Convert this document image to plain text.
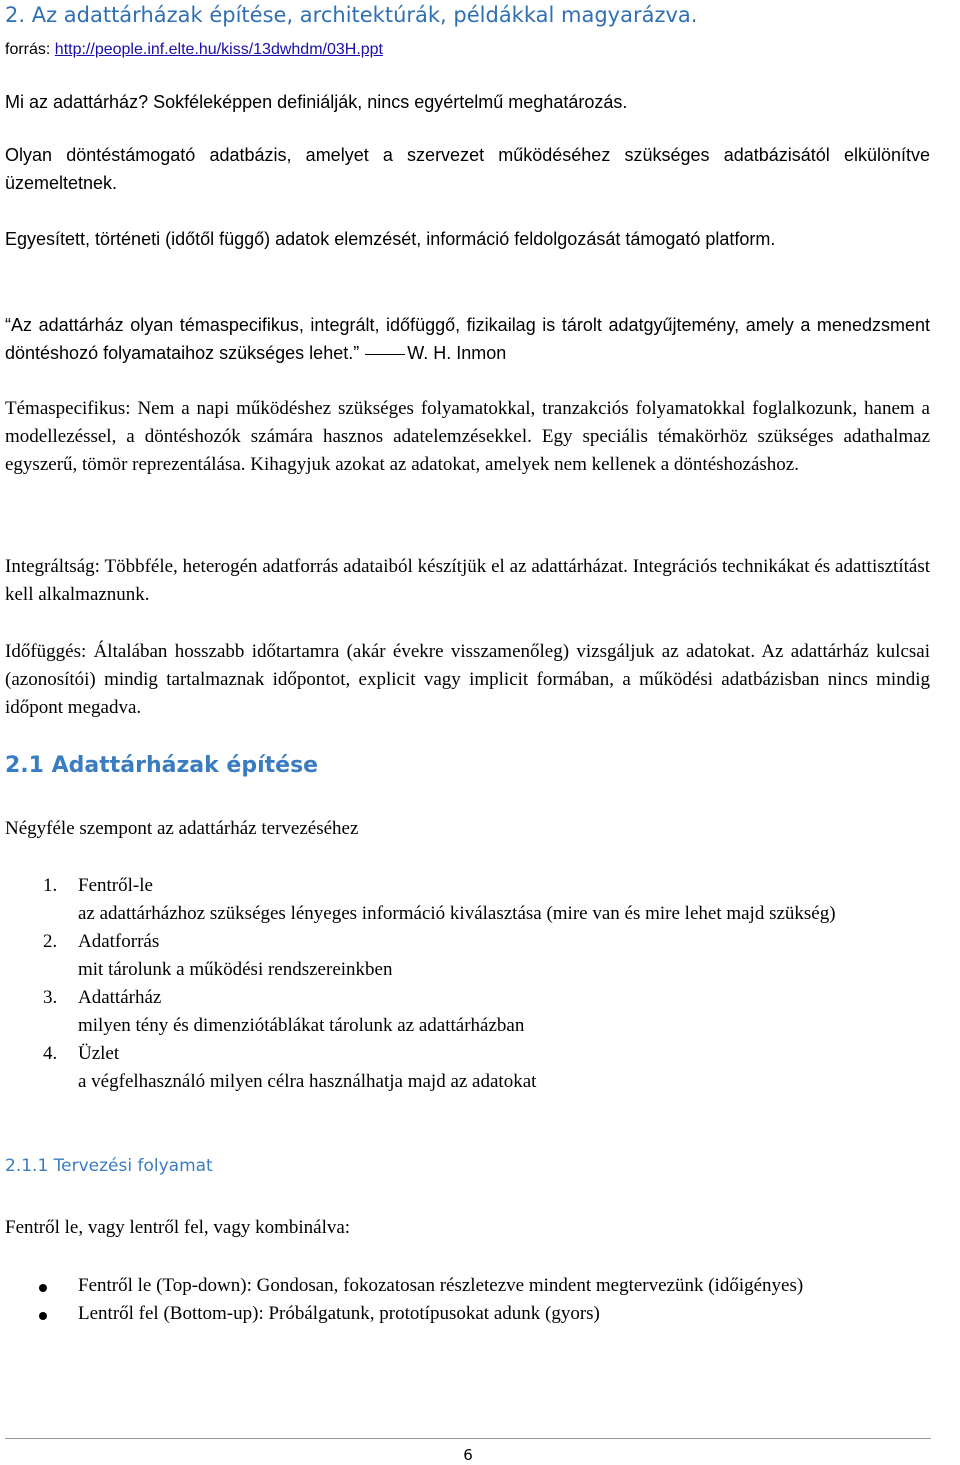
2. Az adattárházak építése, architektúrák, példákkal magyarázva.
forrás: http://people.inf.elte.hu/kiss/13dwhdm/03H.ppt

Mi az adattárház? Sokféleképpen definiálják, nincs egyértelmű meghatározás.

Olyan döntéstámogató adatbázis, amelyet a szervezet működéséhez szükséges adatbázisától elkülönítve üzemeltetnek.

Egyesített, történeti (időtől függő) adatok elemzését, információ feldolgozását támogató platform.

“Az adattárház olyan témaspecifikus, integrált, időfüggő, fizikailag is tárolt adatgyűjtemény, amely a menedzsment döntéshozó folyamataihoz szükséges lehet.”	W. H. Inmon

Témaspecifikus: Nem a napi működéshez szükséges folyamatokkal, tranzakciós folyamatokkal foglalkozunk, hanem a modellezéssel, a döntéshozók számára hasznos adatelemzésekkel. Egy speciális témakörhöz szükséges adathalmaz egyszerű, tömör reprezentálása. Kihagyjuk azokat az adatokat, amelyek nem kellenek a döntéshozáshoz.

Integráltság: Többféle, heterogén adatforrás adataiból készítjük el az adattárházat. Integrációs technikákat és adattisztítást kell alkalmaznunk.

Időfüggés: Általában hosszabb időtartamra (akár évekre visszamenőleg) vizsgáljuk az adatokat. Az adattárház kulcsai (azonosítói) mindig tartalmaznak időpontot, explicit vagy implicit formában, a működési adatbázisban nincs mindig időpont megadva.

2.1 Adattárházak építése

Négyféle szempont az adattárház tervezéséhez

1. Fentről-le
az adattárházhoz szükséges lényeges információ kiválasztása (mire van és mire lehet majd szükség)
2. Adatforrás
mit tárolunk a működési rendszereinkben
3. Adattárház
milyen tény és dimenziótáblákat tárolunk az adattárházban
4. Üzlet
a végfelhasználó milyen célra használhatja majd az adatokat
2.1.1 Tervezési folyamat

Fentről le, vagy lentről fel, vagy kombinálva:

Fentről le (Top-down): Gondosan, fokozatosan részletezve mindent megtervezünk (időigényes)
Lentről fel (Bottom-up): Próbálgatunk, prototípusokat adunk (gyors)
6
